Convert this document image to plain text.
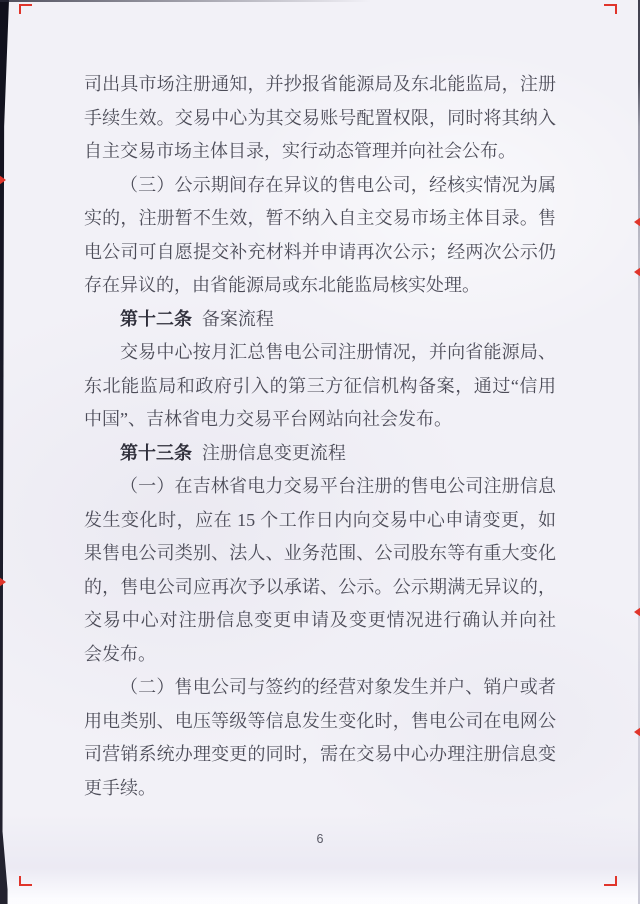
司出具市场注册通知，并抄报省能源局及东北能监局，注册
手续生效。交易中心为其交易账号配置权限，同时将其纳入
自主交易市场主体目录，实行动态管理并向社会公布。
（三）公示期间存在异议的售电公司，经核实情况为属
实的，注册暂不生效，暂不纳入自主交易市场主体目录。售
电公司可自愿提交补充材料并申请再次公示；经两次公示仍
存在异议的，由省能源局或东北能监局核实处理。
第十二条 备案流程
交易中心按月汇总售电公司注册情况，并向省能源局、
东北能监局和政府引入的第三方征信机构备案，通过“信用
中国”、吉林省电力交易平台网站向社会发布。
第十三条 注册信息变更流程
（一）在吉林省电力交易平台注册的售电公司注册信息
发生变化时，应在 15 个工作日内向交易中心申请变更，如
果售电公司类别、法人、业务范围、公司股东等有重大变化
的，售电公司应再次予以承诺、公示。公示期满无异议的，
交易中心对注册信息变更申请及变更情况进行确认并向社
会发布。
（二）售电公司与签约的经营对象发生并户、销户或者
用电类别、电压等级等信息发生变化时，售电公司在电网公
司营销系统办理变更的同时，需在交易中心办理注册信息变
更手续。
6
